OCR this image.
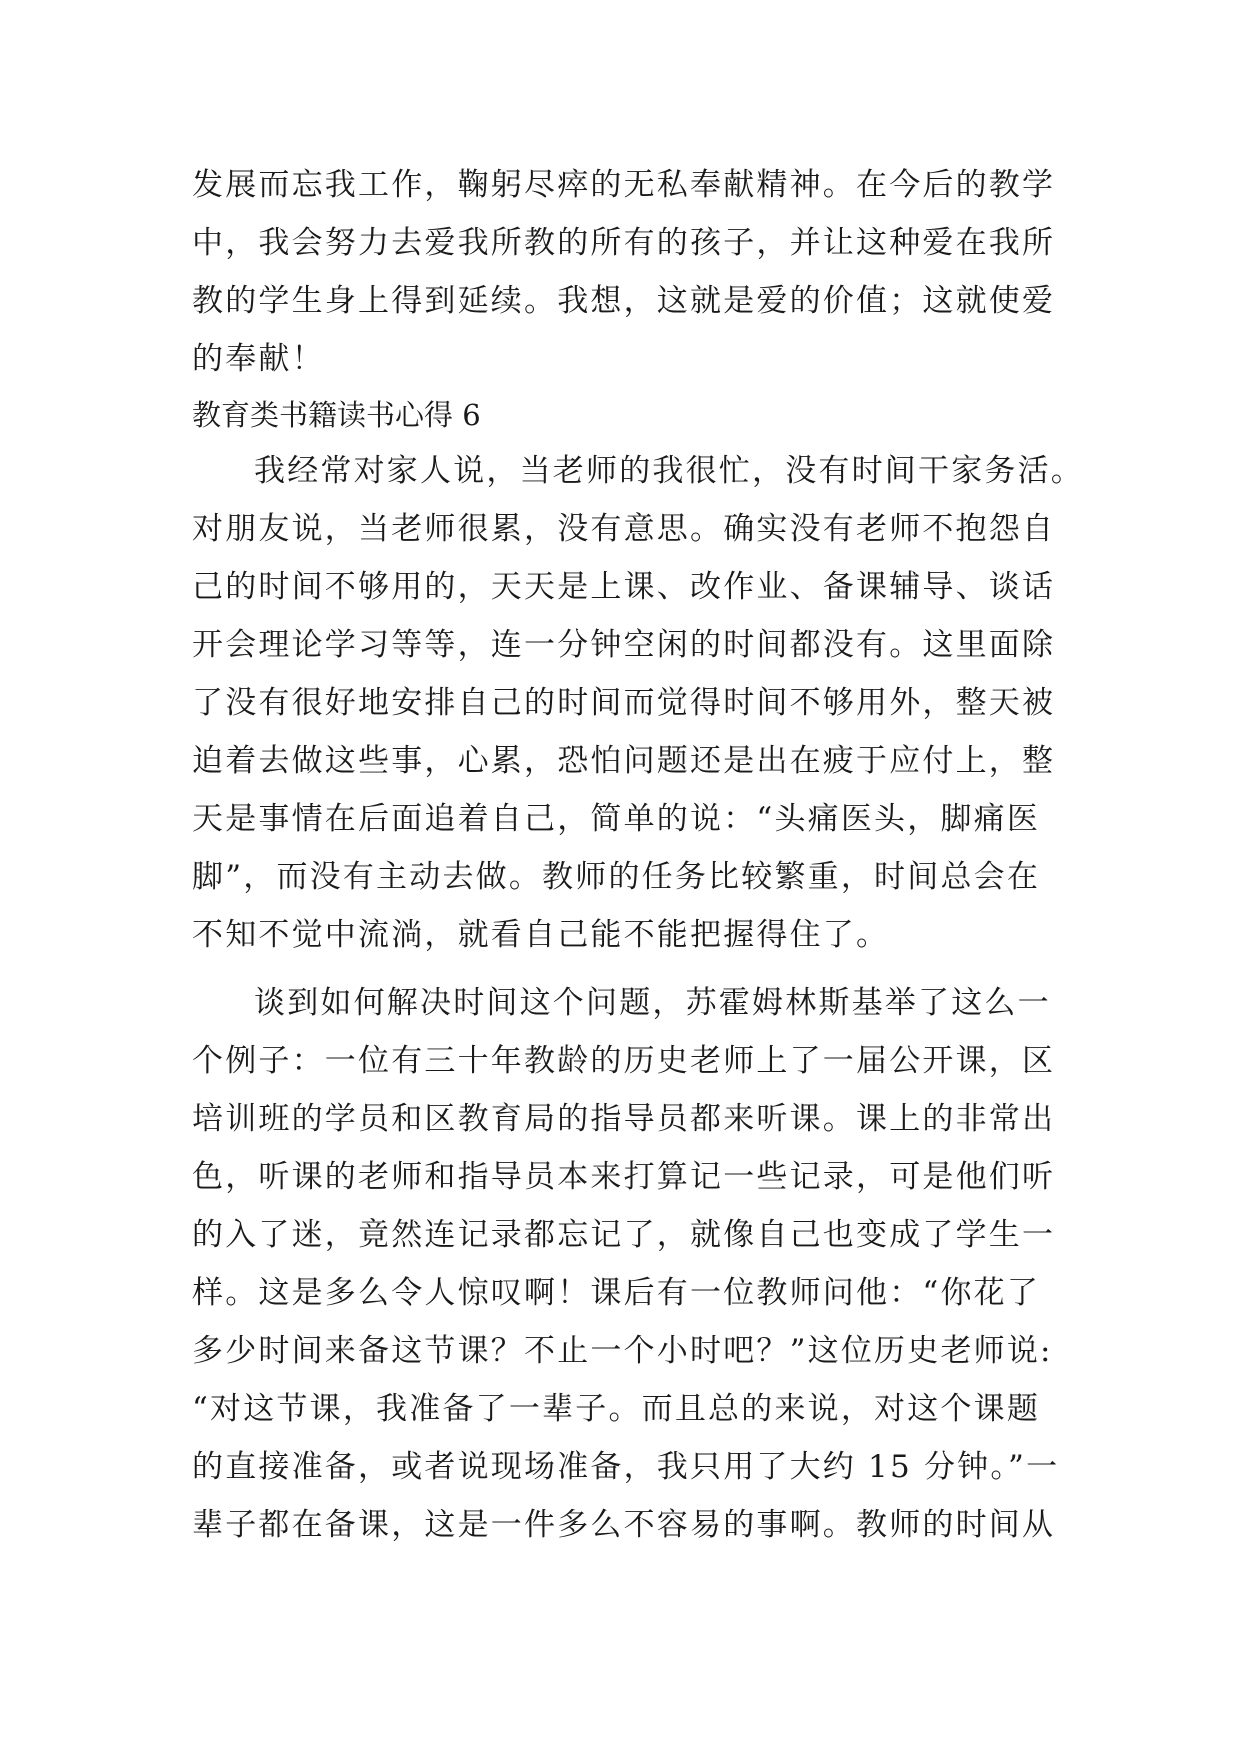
发展而忘我工作，鞠躬尽瘁的无私奉献精神。在今后的教学
中，我会努力去爱我所教的所有的孩子，并让这种爱在我所
教的学生身上得到延续。我想，这就是爱的价值；这就使爱
的奉献！
教育类书籍读书心得 6
我经常对家人说，当老师的我很忙，没有时间干家务活。
对朋友说，当老师很累，没有意思。确实没有老师不抱怨自
己的时间不够用的，天天是上课、改作业、备课辅导、谈话
开会理论学习等等，连一分钟空闲的时间都没有。这里面除
了没有很好地安排自己的时间而觉得时间不够用外，整天被
迫着去做这些事，心累，恐怕问题还是出在疲于应付上，整
天是事情在后面追着自己，简单的说：“头痛医头，脚痛医
脚”，而没有主动去做。教师的任务比较繁重，时间总会在
不知不觉中流淌，就看自己能不能把握得住了。
谈到如何解决时间这个问题，苏霍姆林斯基举了这么一
个例子：一位有三十年教龄的历史老师上了一届公开课，区
培训班的学员和区教育局的指导员都来听课。课上的非常出
色，听课的老师和指导员本来打算记一些记录，可是他们听
的入了迷，竟然连记录都忘记了，就像自己也变成了学生一
样。这是多么令人惊叹啊！课后有一位教师问他：“你花了
多少时间来备这节课？不止一个小时吧？”这位历史老师说:
“对这节课，我准备了一辈子。而且总的来说，对这个课题
的直接准备，或者说现场准备，我只用了大约 15 分钟。”一
辈子都在备课，这是一件多么不容易的事啊。教师的时间从
